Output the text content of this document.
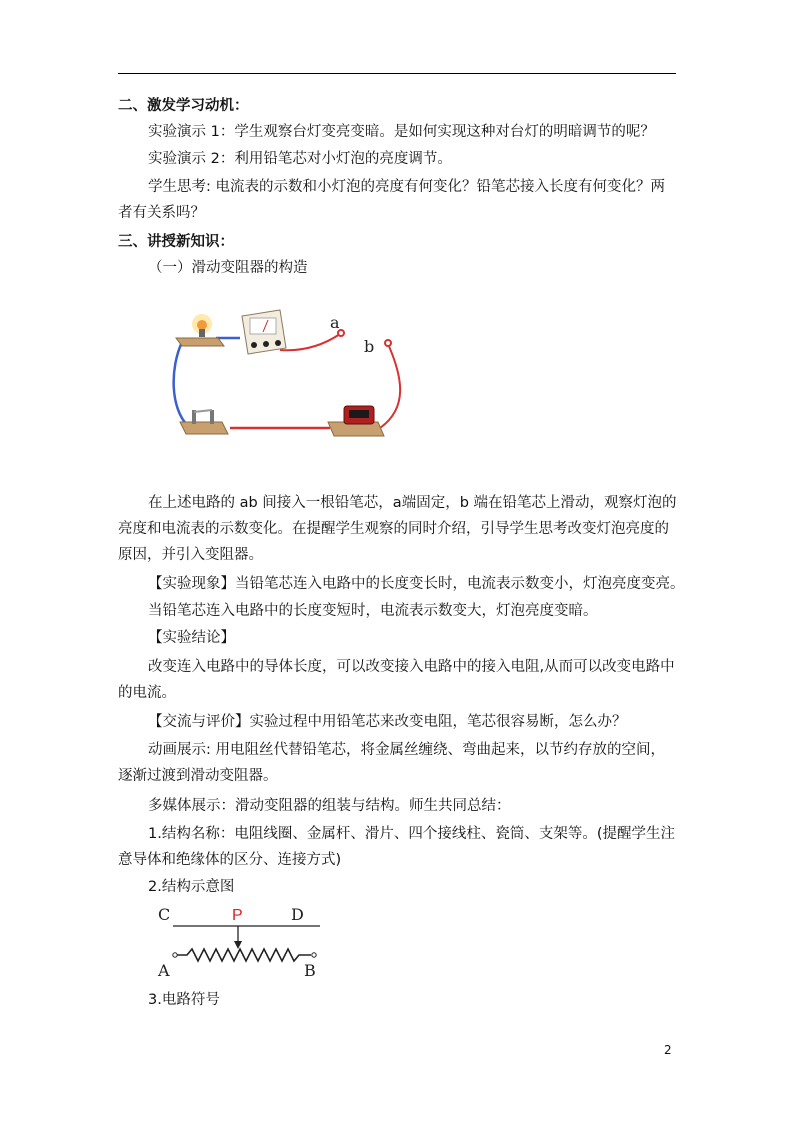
二、激发学习动机：
实验演示 1：学生观察台灯变亮变暗。是如何实现这种对台灯的明暗调节的呢？
实验演示 2：利用铅笔芯对小灯泡的亮度调节。
学生思考: 电流表的示数和小灯泡的亮度有何变化？铅笔芯接入长度有何变化？两者有关系吗？
三、讲授新知识：
（一）滑动变阻器的构造
a
b
在上述电路的 ab 间接入一根铅笔芯，a端固定，b 端在铅笔芯上滑动，观察灯泡的亮度和电流表的示数变化。在提醒学生观察的同时介绍，引导学生思考改变灯泡亮度的原因，并引入变阻器。
【实验现象】当铅笔芯连入电路中的长度变长时，电流表示数变小，灯泡亮度变亮。
当铅笔芯连入电路中的长度变短时，电流表示数变大，灯泡亮度变暗。
【实验结论】
改变连入电路中的导体长度，可以改变接入电路中的接入电阻,从而可以改变电路中的电流。
【交流与评价】实验过程中用铅笔芯来改变电阻，笔芯很容易断，怎么办？
动画展示: 用电阻丝代替铅笔芯，将金属丝缠绕、弯曲起来，以节约存放的空间，逐渐过渡到滑动变阻器。
多媒体展示：滑动变阻器的组装与结构。师生共同总结：
1.结构名称：电阻线圈、金属杆、滑片、四个接线柱、瓷筒、支架等。(提醒学生注意导体和绝缘体的区分、连接方式)
2.结构示意图
C	P	D
A	B
3.电路符号
2
